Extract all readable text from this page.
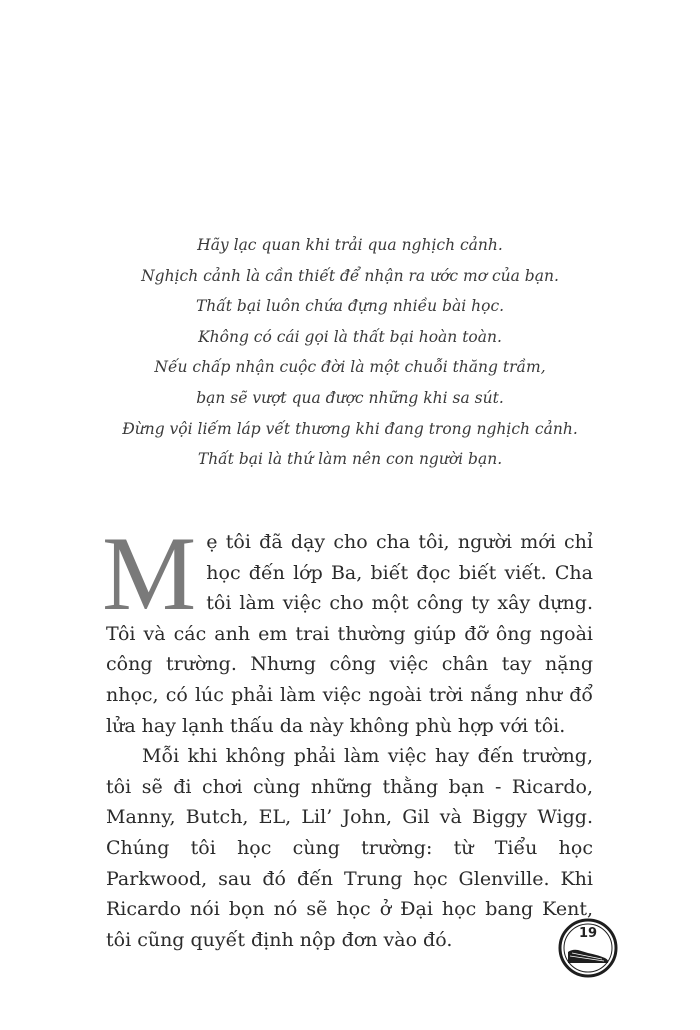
Hãy lạc quan khi trải qua nghịch cảnh.
Nghịch cảnh là cần thiết để nhận ra ước mơ của bạn.
Thất bại luôn chứa đựng nhiều bài học.
Không có cái gọi là thất bại hoàn toàn.
Nếu chấp nhận cuộc đời là một chuỗi thăng trầm,
bạn sẽ vượt qua được những khi sa sút.
Đừng vội liếm láp vết thương khi đang trong nghịch cảnh.
Thất bại là thứ làm nên con người bạn.

Mẹ tôi đã dạy cho cha tôi, người mới chỉ học đến lớp Ba, biết đọc biết viết. Cha tôi làm việc cho một công ty xây dựng. Tôi và các anh em trai thường giúp đỡ ông ngoài công trường. Nhưng công việc chân tay nặng nhọc, có lúc phải làm việc ngoài trời nắng như đổ lửa hay lạnh thấu da này không phù hợp với tôi.

Mỗi khi không phải làm việc hay đến trường, tôi sẽ đi chơi cùng những thằng bạn - Ricardo, Manny, Butch, EL, Lil’ John, Gil và Biggy Wigg. Chúng tôi học cùng trường: từ Tiểu học Parkwood, sau đó đến Trung học Glenville. Khi Ricardo nói bọn nó sẽ học ở Đại học bang Kent, tôi cũng quyết định nộp đơn vào đó.	19
